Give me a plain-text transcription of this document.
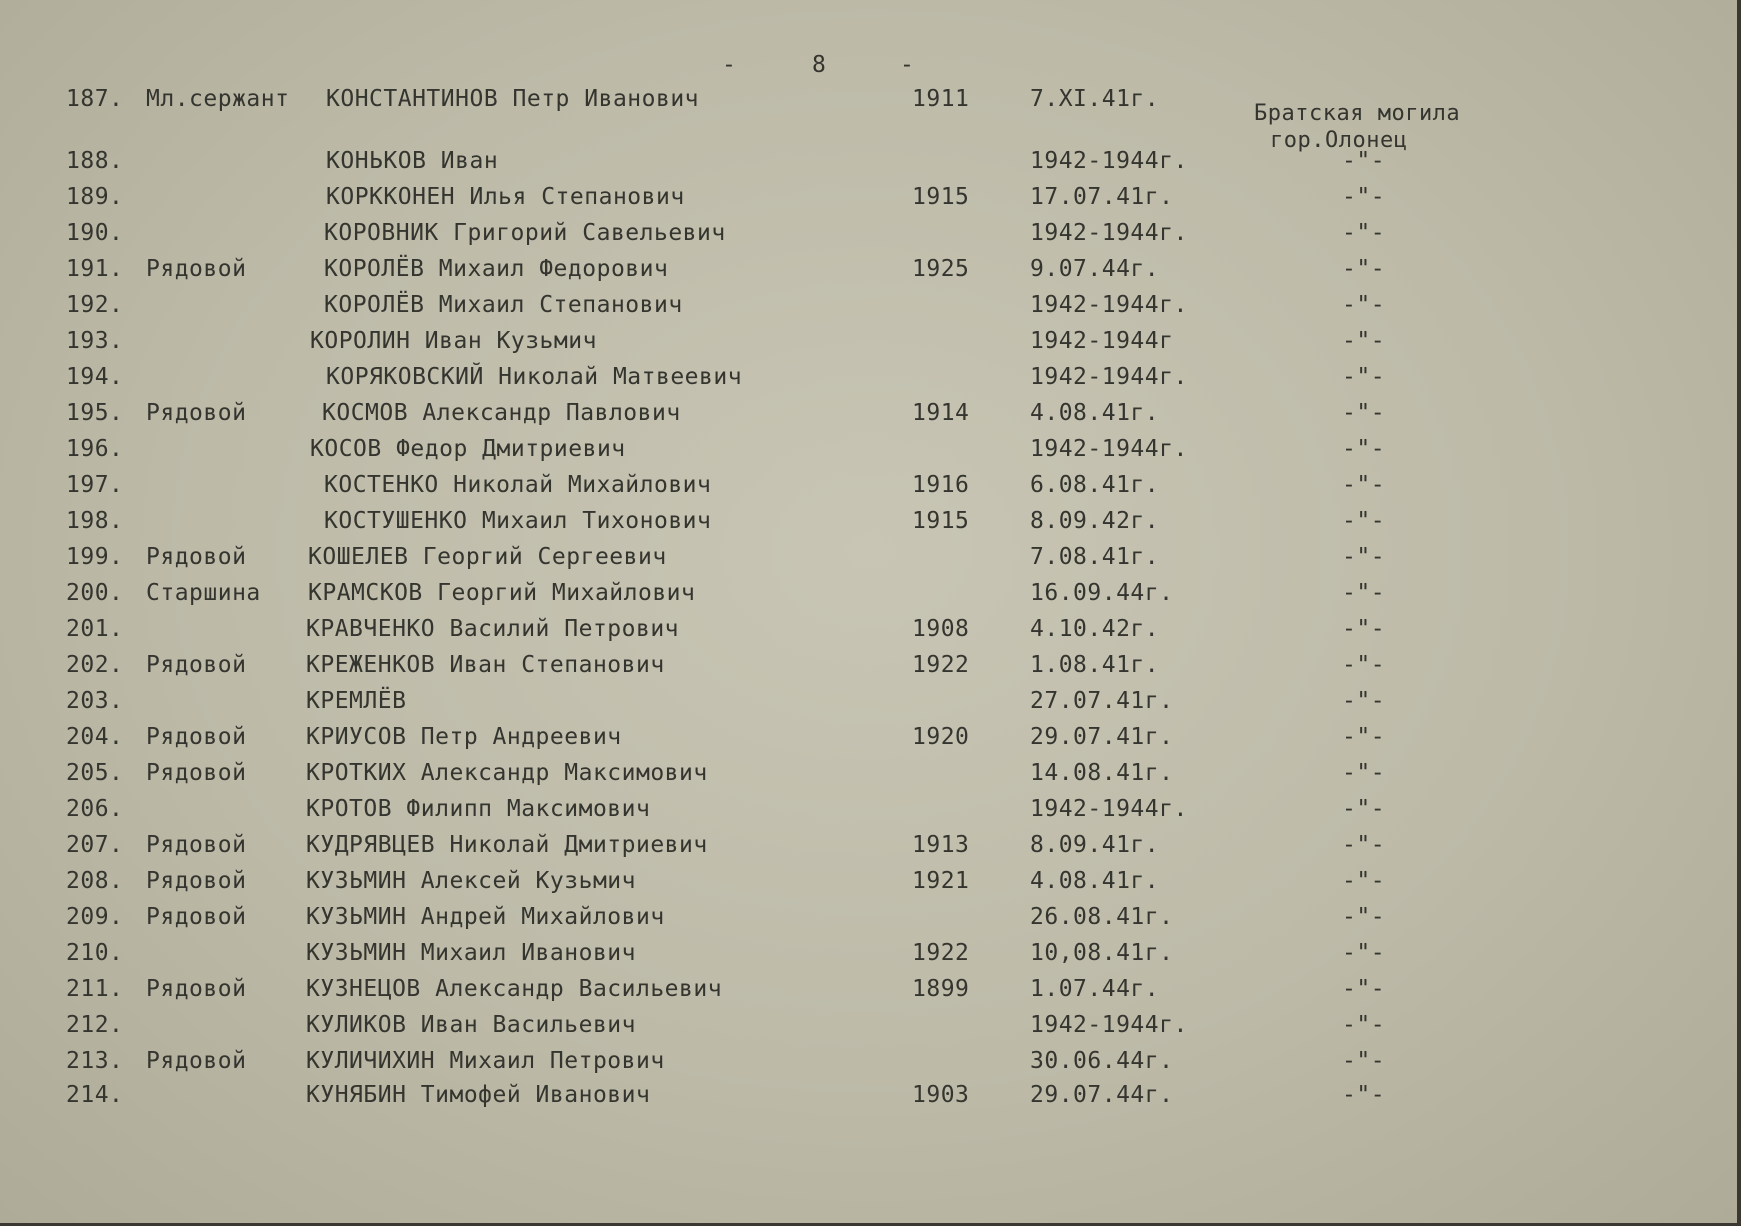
-	8	-
187. Мл.сержант КОНСТАНТИНОВ Петр Иванович	1911	7.XI.41г.
Братская могила
гор.Олонец
188.	КОНЬКОВ Иван	1942-1944г.	-"-
189.	КОРККОНЕН Илья Степанович	1915	17.07.41г.	-"-
190.	КОРОВНИК Григорий Савельевич	1942-1944г.	-"-
191. Рядовой	КОРОЛЁВ Михаил Федорович	1925	9.07.44г.	-"-
192.	КОРОЛЁВ Михаил Степанович	1942-1944г.	-"-
193.	КОРОЛИН Иван Кузьмич	1942-1944г	-"-
194.	КОРЯКОВСКИЙ Николай Матвеевич	1942-1944г.	-"-
195. Рядовой	КОСМОВ Александр Павлович	1914	4.08.41г.	-"-
196.	КОСОВ Федор Дмитриевич	1942-1944г.	-"-
197.	КОСТЕНКО Николай Михайлович	1916	6.08.41г.	-"-
198.	КОСТУШЕНКО Михаил Тихонович	1915	8.09.42г.	-"-
199. Рядовой	КОШЕЛЕВ Георгий Сергеевич	7.08.41г.	-"-
200. Старшина КРАМСКОВ Георгий Михайлович	16.09.44г.	-"-
201.	КРАВЧЕНКО Василий Петрович	1908	4.10.42г.	-"-
202. Рядовой	КРЕЖЕНКОВ Иван Степанович	1922	1.08.41г.	-"-
203.	КРЕМЛЁВ	27.07.41г.	-"-
204. Рядовой	КРИУСОВ Петр Андреевич	1920	29.07.41г.	-"-
205. Рядовой	КРОТКИХ Александр Максимович	14.08.41г.	-"-
206.	КРОТОВ Филипп Максимович	1942-1944г.	-"-
207. Рядовой	КУДРЯВЦЕВ Николай Дмитриевич	1913	8.09.41г.	-"-
208. Рядовой	КУЗЬМИН Алексей Кузьмич	1921	4.08.41г.	-"-
209. Рядовой	КУЗЬМИН Андрей Михайлович	26.08.41г.	-"-
210.	КУЗЬМИН Михаил Иванович	1922	10,08.41г.	-"-
211. Рядовой	КУЗНЕЦОВ Александр Васильевич	1899	1.07.44г.	-"-
212.	КУЛИКОВ Иван Васильевич	1942-1944г.	-"-
213. Рядовой	КУЛИЧИХИН Михаил Петрович	30.06.44г.	-"-
214.	КУНЯБИН Тимофей Иванович	1903	29.07.44г.	-"-
